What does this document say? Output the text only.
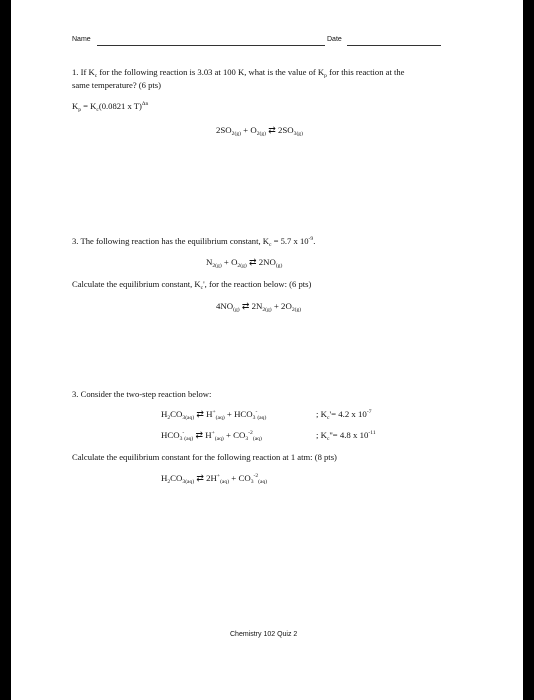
Name	Date
1. If $K_c$ for the following reaction is 3.03 at 100 K, what is the value of $K_p$ for this reaction at the
same temperature? (6 pts)
$K_p = K_c(0.0821$ x T)$^{\Delta n}$
$2SO_{2(g)} + O_{2(g)}$ ⇄ $2SO_{3(g)}$
3. The following reaction has the equilibrium constant, $K_c = 5.7$ x $10^{-9}$.
$N_{2(g)} + O_{2(g)}$ ⇄ $2NO_{(g)}$
Calculate the equilibrium constant, $K_c'$, for the reaction below: (6 pts)
$4NO_{(g)}$ ⇄ $2N_{2(g)} + 2O_{2(g)}$
3. Consider the two-step reaction below:
$H_2CO_{3(aq)}$ ⇄ $H^+_{(aq)} + HCO_3^-_{(aq)}$	; $K_c'= 4.2$ x $10^{-7}$
$HCO_3^-_{(aq)}$ ⇄ $H^+_{(aq)} + CO_3^{-2}_{(aq)}$	; $K_c''= 4.8$ x $10^{-11}$
Calculate the equilibrium constant for the following reaction at 1 atm: (8 pts)
$H_2CO_{3(aq)}$ ⇄ $2H^+_{(aq)} + CO_3^{-2}_{(aq)}$
Chemistry 102 Quiz 2
